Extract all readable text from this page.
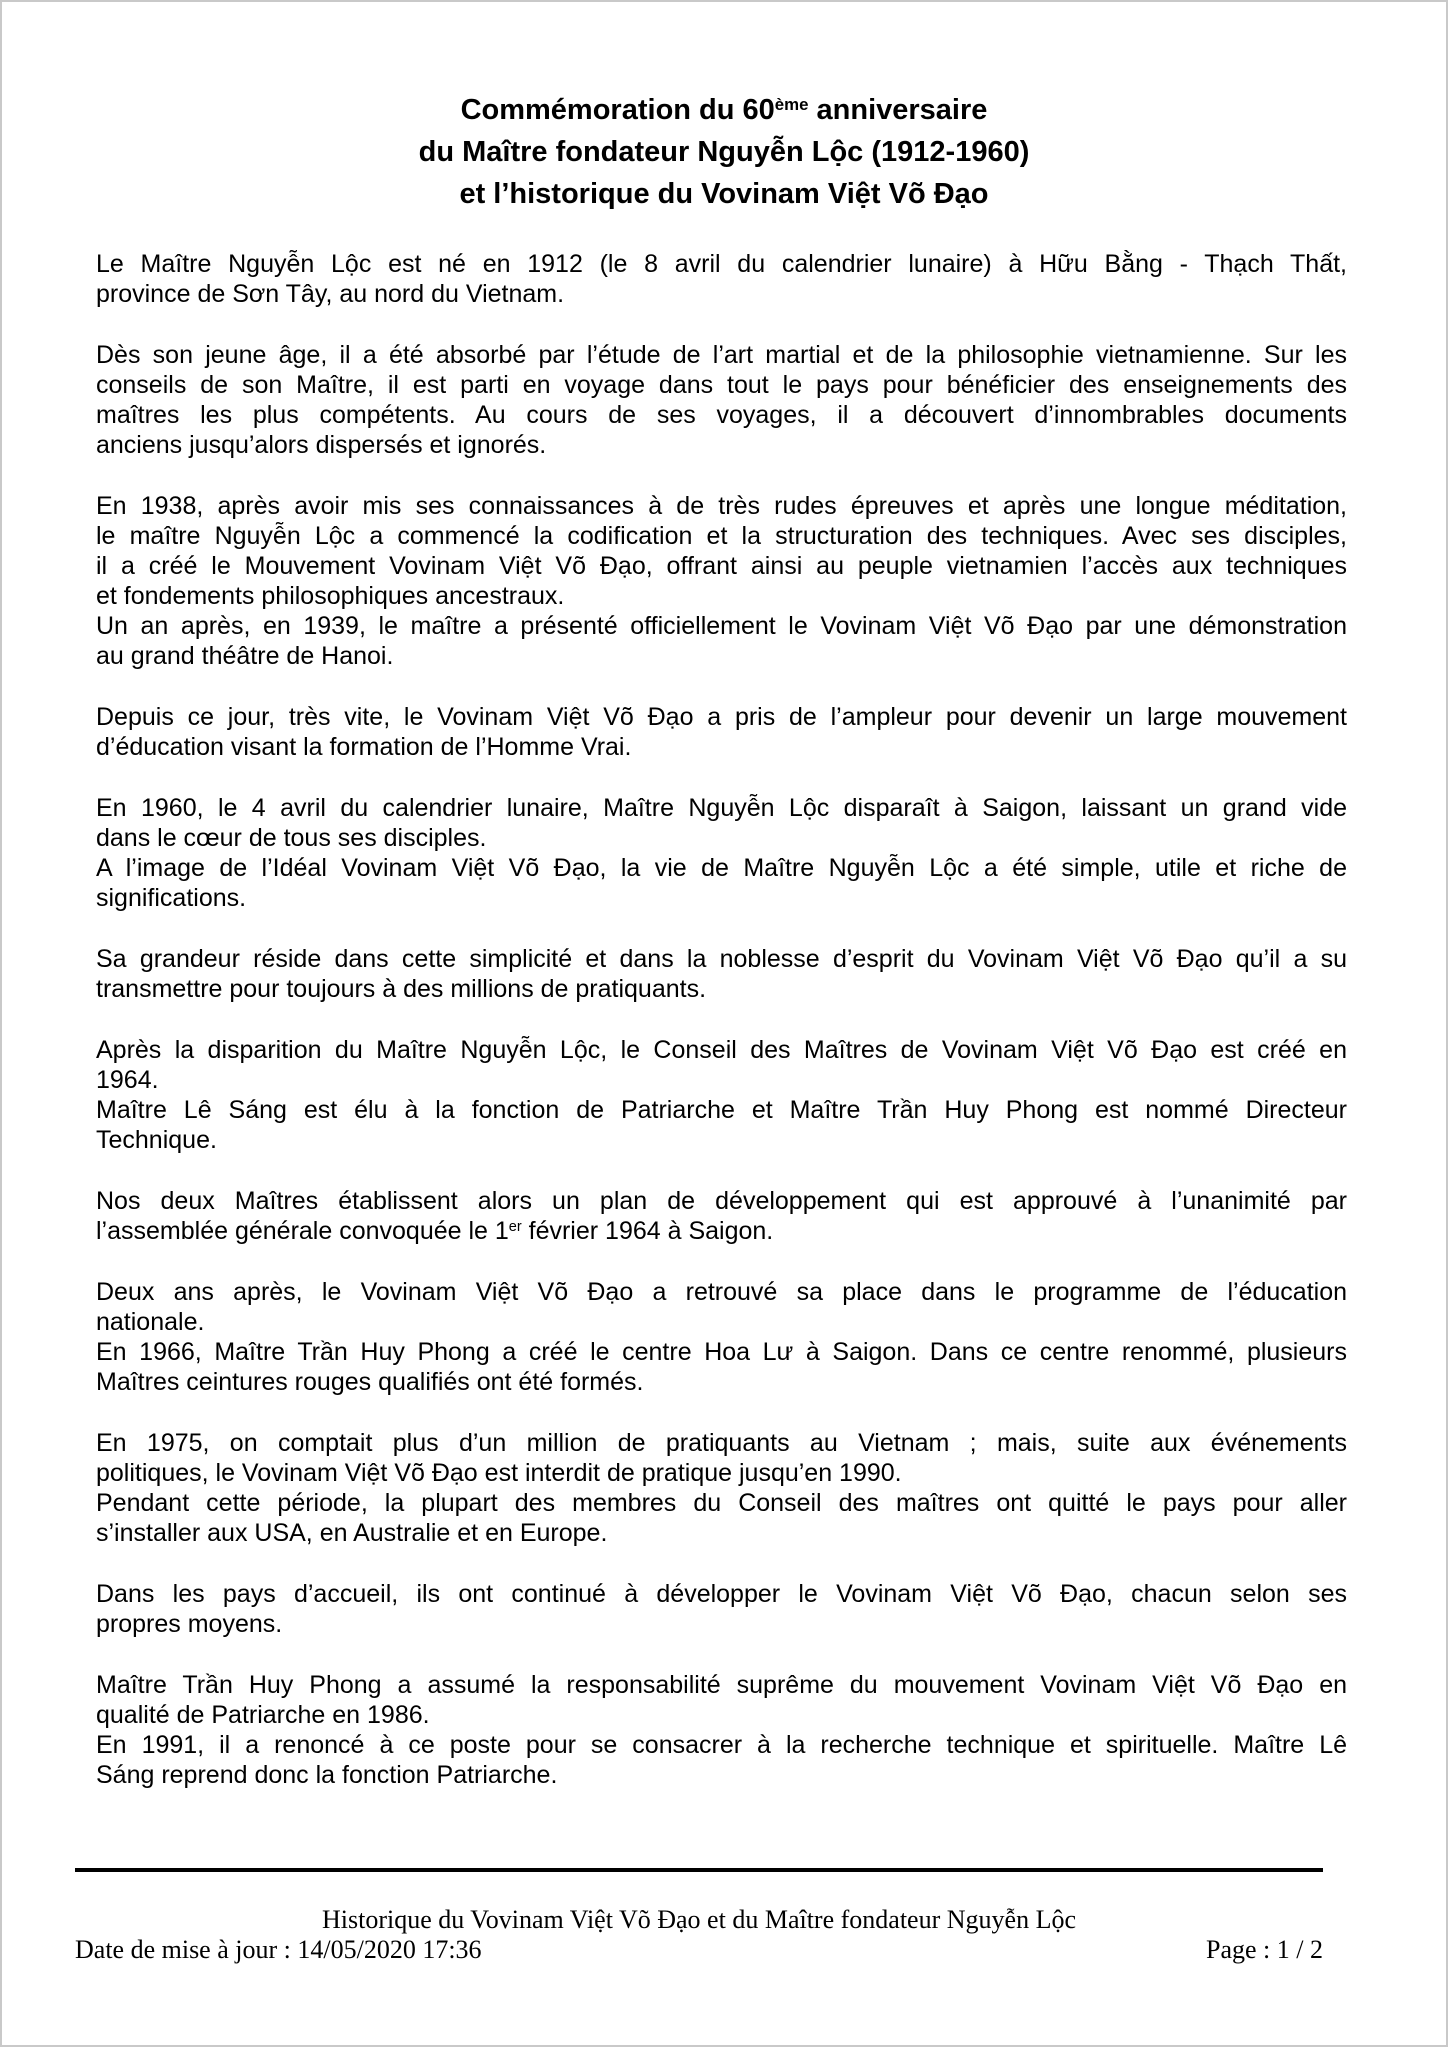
Commémoration du 60ème anniversaire
du Maître fondateur Nguyễn Lộc (1912-1960)
et l’historique du Vovinam Việt Võ Đạo
Le Maître Nguyễn Lộc est né en 1912 (le 8 avril du calendrier lunaire) à Hữu Bằng - Thạch Thất,
province de Sơn Tây, au nord du Vietnam.
Dès son jeune âge, il a été absorbé par l’étude de l’art martial et de la philosophie vietnamienne. Sur les
conseils de son Maître, il est parti en voyage dans tout le pays pour bénéficier des enseignements des
maîtres les plus compétents. Au cours de ses voyages, il a découvert d’innombrables documents
anciens jusqu’alors dispersés et ignorés.
En 1938, après avoir mis ses connaissances à de très rudes épreuves et après une longue méditation,
le maître Nguyễn Lộc a commencé la codification et la structuration des techniques. Avec ses disciples,
il a créé le Mouvement Vovinam Việt Võ Đạo, offrant ainsi au peuple vietnamien l’accès aux techniques
et fondements philosophiques ancestraux.
Un an après, en 1939, le maître a présenté officiellement le Vovinam Việt Võ Đạo par une démonstration
au grand théâtre de Hanoi.
Depuis ce jour, très vite, le Vovinam Việt Võ Đạo a pris de l’ampleur pour devenir un large mouvement
d’éducation visant la formation de l’Homme Vrai.
En 1960, le 4 avril du calendrier lunaire, Maître Nguyễn Lộc disparaît à Saigon, laissant un grand vide
dans le cœur de tous ses disciples.
A l’image de l’Idéal Vovinam Việt Võ Đạo, la vie de Maître Nguyễn Lộc a été simple, utile et riche de
significations.
Sa grandeur réside dans cette simplicité et dans la noblesse d’esprit du Vovinam Việt Võ Đạo qu’il a su
transmettre pour toujours à des millions de pratiquants.
Après la disparition du Maître Nguyễn Lộc, le Conseil des Maîtres de Vovinam Việt Võ Đạo est créé en
1964.
Maître Lê Sáng est élu à la fonction de Patriarche et Maître Trần Huy Phong est nommé Directeur
Technique.
Nos deux Maîtres établissent alors un plan de développement qui est approuvé à l’unanimité par
l’assemblée générale convoquée le 1er février 1964 à Saigon.
Deux ans après, le Vovinam Việt Võ Đạo a retrouvé sa place dans le programme de l’éducation
nationale.
En 1966, Maître Trần Huy Phong a créé le centre Hoa Lư à Saigon. Dans ce centre renommé, plusieurs
Maîtres ceintures rouges qualifiés ont été formés.
En 1975, on comptait plus d’un million de pratiquants au Vietnam ; mais, suite aux événements
politiques, le Vovinam Việt Võ Đạo est interdit de pratique jusqu’en 1990.
Pendant cette période, la plupart des membres du Conseil des maîtres ont quitté le pays pour aller
s’installer aux USA, en Australie et en Europe.
Dans les pays d’accueil, ils ont continué à développer le Vovinam Việt Võ Đạo, chacun selon ses
propres moyens.
Maître Trần Huy Phong a assumé la responsabilité suprême du mouvement Vovinam Việt Võ Đạo en
qualité de Patriarche en 1986.
En 1991, il a renoncé à ce poste pour se consacrer à la recherche technique et spirituelle. Maître Lê
Sáng reprend donc la fonction Patriarche.
Historique du Vovinam Việt Võ Đạo et du Maître fondateur Nguyễn Lộc
Date de mise à jour : 14/05/2020 17:36	Page : 1 / 2
